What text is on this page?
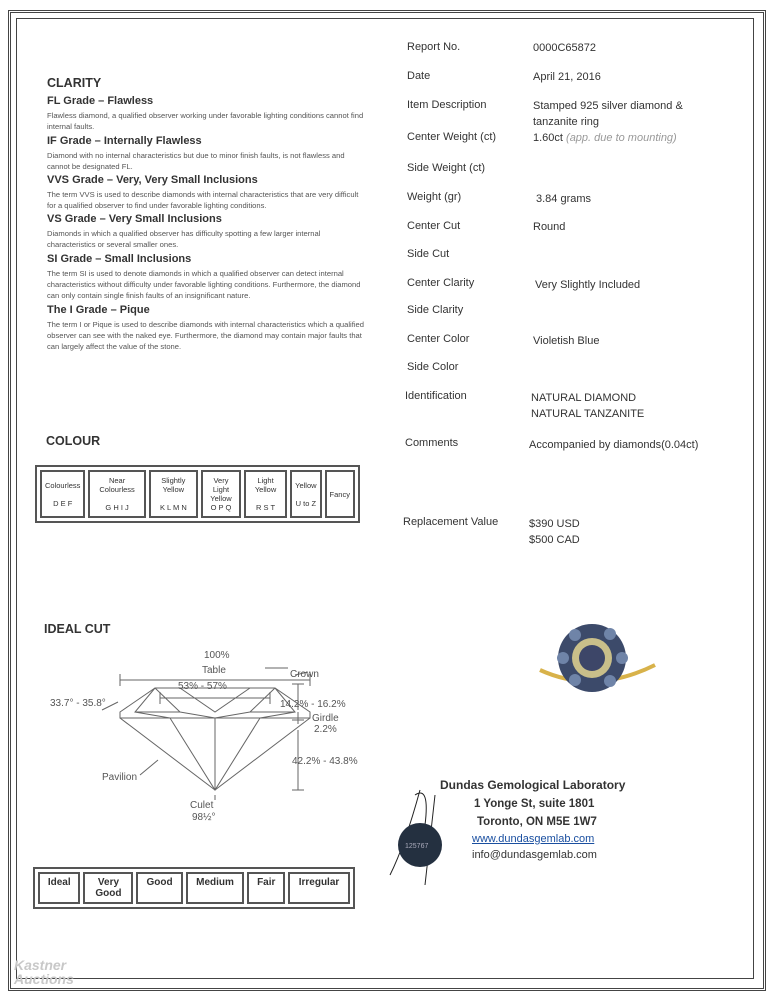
CLARITY
FL Grade – Flawless
Flawless diamond, a qualified observer working under favorable lighting conditions cannot find internal faults.
IF Grade – Internally Flawless
Diamond with no internal characteristics but due to minor finish faults, is not flawless and cannot be designated FL.
VVS Grade – Very, Very Small Inclusions
The term VVS is used to describe diamonds with internal characteristics that are very difficult for a qualified observer to find under favorable lighting conditions.
VS Grade – Very Small Inclusions
Diamonds in which a qualified observer has difficulty spotting a few larger internal characteristics or several smaller ones.
SI Grade – Small Inclusions
The term SI is used to denote diamonds in which a qualified observer can detect internal characteristics without difficulty under favorable lighting conditions. Furthermore, the diamond can only contain single finish faults of an insignificant nature.
The I Grade – Pique
The term I or Pique is used to describe diamonds with internal characteristics which a qualified observer can see with the naked eye. Furthermore, the diamond may contain major faults that can largely affect the value of the stone.
COLOUR
Colourless

D E F

Near Colourless

G H I J

Slightly Yellow

K L M N

Very Light Yellow
O P Q

Light Yellow

R S T

Yellow

U to Z

Fancy
IDEAL CUT
100%
Table
53% - 57%
Crown
33.7° - 35.8°	14.2% - 16.2%
Girdle
2.2%
42.2% - 43.8%
Pavilion
Culet
98½°
Ideal	Very Good	Good	Medium	Fair	Irregular
Report No.	0000C65872
Date	April 21, 2016
Item Description	Stamped 925 silver diamond & tanzanite ring
Center Weight (ct)	1.60ct (app. due to mounting)
Side Weight (ct)
Weight (gr)	3.84 grams
Center Cut	Round
Side Cut
Center Clarity	Very Slightly Included
Side Clarity
Center Color	Violetish Blue
Side Color
Identification	NATURAL DIAMOND
NATURAL TANZANITE
Comments	Accompanied by diamonds(0.04ct)
Replacement Value	$390 USD
$500 CAD
125767
Dundas Gemological Laboratory
1 Yonge St, suite 1801
Toronto, ON M5E 1W7
www.dundasgemlab.com
info@dundasgemlab.com
Kastner Auctions
